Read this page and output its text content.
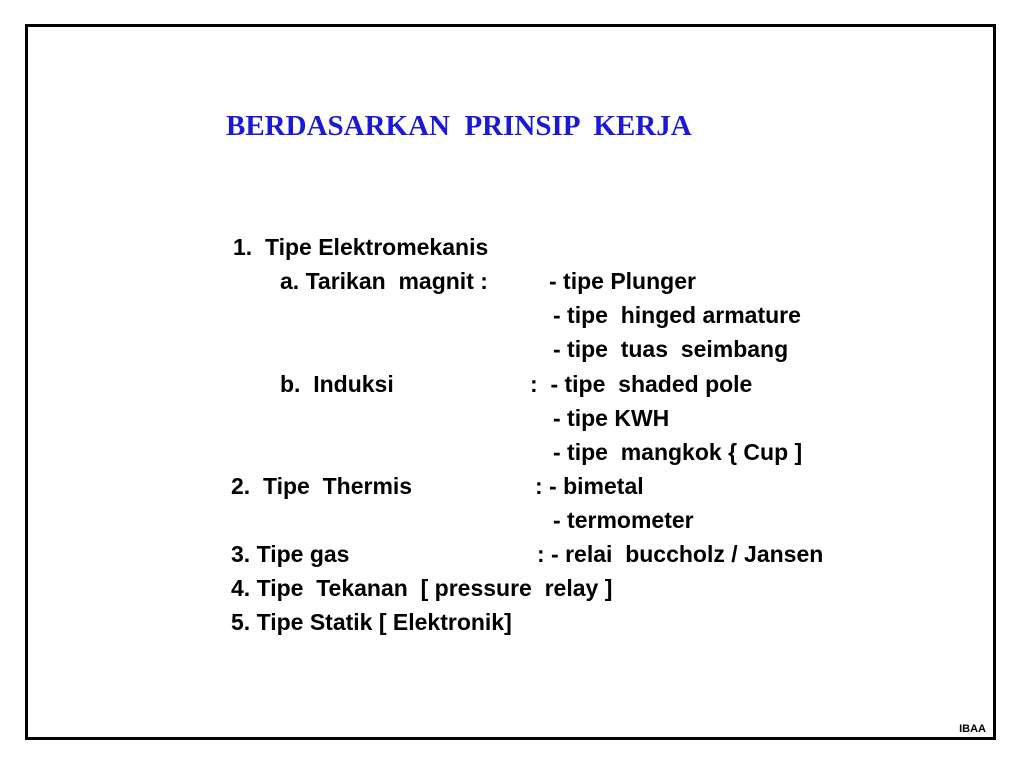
BERDASARKAN  PRINSIP  KERJA

1.  Tipe Elektromekanis

a. Tarikan  magnit :	- tipe Plunger

- tipe  hinged armature

- tipe  tuas  seimbang

b.  Induksi	:  - tipe  shaded pole

- tipe KWH

- tipe  mangkok { Cup ]

2.  Tipe  Thermis	: - bimetal

- termometer

3. Tipe gas	: - relai  buccholz / Jansen

4. Tipe  Tekanan  [ pressure  relay ]

5. Tipe Statik [ Elektronik]

IBAA
